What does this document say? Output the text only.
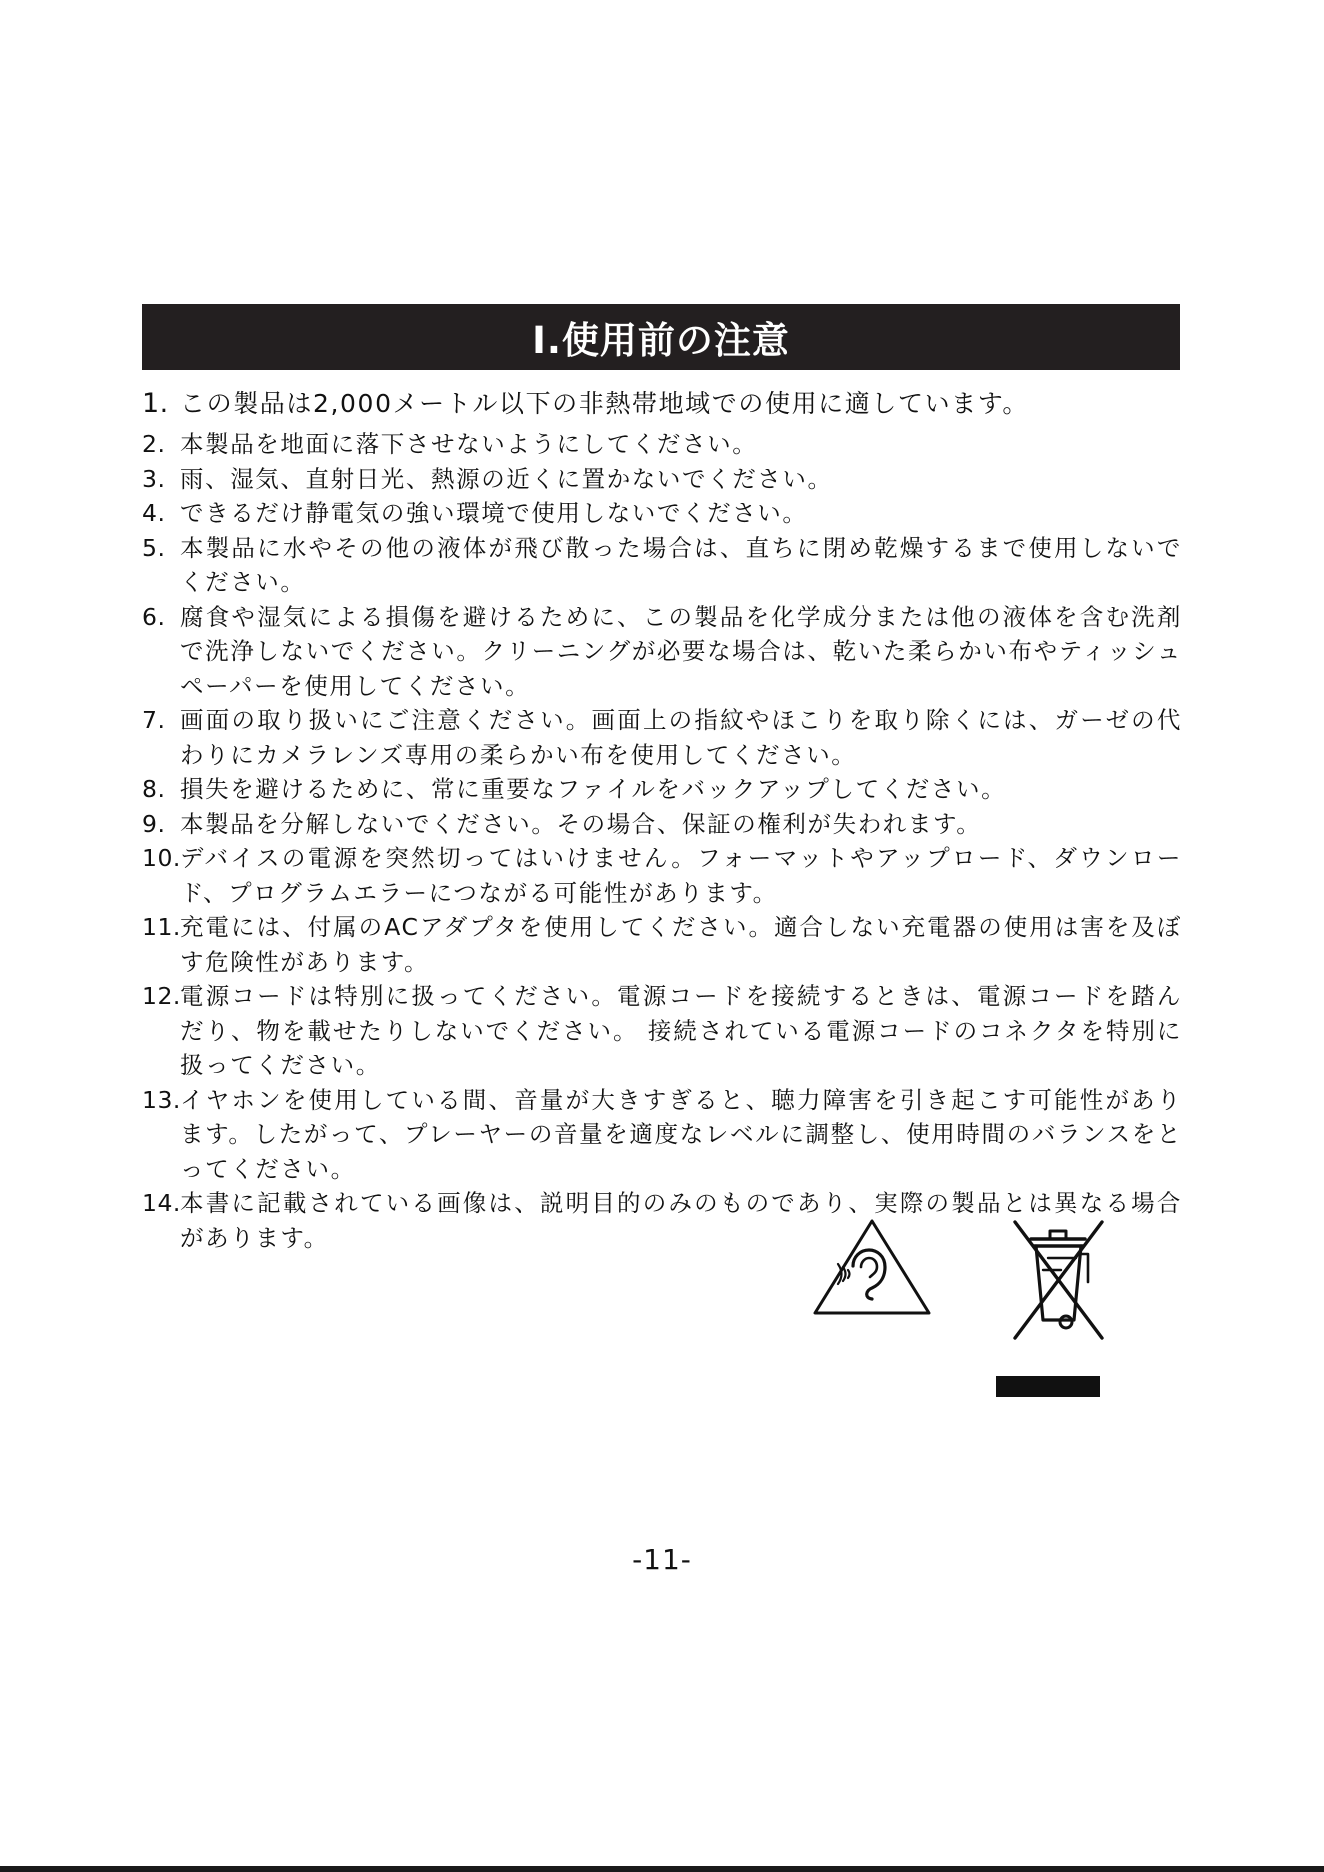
Ⅰ.使用前の注意
1. この製品は2,000メートル以下の非熱帯地域での使用に適しています。
2. 本製品を地面に落下させないようにしてください。
3. 雨、湿気、直射日光、熱源の近くに置かないでください。
4. できるだけ静電気の強い環境で使用しないでください。
5. 本製品に水やその他の液体が飛び散った場合は、直ちに閉め乾燥するまで使用しないでください。
6. 腐食や湿気による損傷を避けるために、この製品を化学成分または他の液体を含む洗剤で洗浄しないでください。クリーニングが必要な場合は、乾いた柔らかい布やティッシュペーパーを使用してください。
7. 画面の取り扱いにご注意ください。画面上の指紋やほこりを取り除くには、ガーゼの代わりにカメラレンズ専用の柔らかい布を使用してください。
8. 損失を避けるために、常に重要なファイルをバックアップしてください。
9. 本製品を分解しないでください。その場合、保証の権利が失われます。
10. デバイスの電源を突然切ってはいけません。フォーマットやアップロード、ダウンロード、プログラムエラーにつながる可能性があります。
11. 充電には、付属のACアダプタを使用してください。適合しない充電器の使用は害を及ぼす危険性があります。
12. 電源コードは特別に扱ってください。電源コードを接続するときは、電源コードを踏んだり、物を載せたりしないでください。 接続されている電源コードのコネクタを特別に扱ってください。
13. イヤホンを使用している間、音量が大きすぎると、聴力障害を引き起こす可能性があります。したがって、プレーヤーの音量を適度なレベルに調整し、使用時間のバランスをとってください。
14. 本書に記載されている画像は、説明目的のみのものであり、実際の製品とは異なる場合があります。
-11-
